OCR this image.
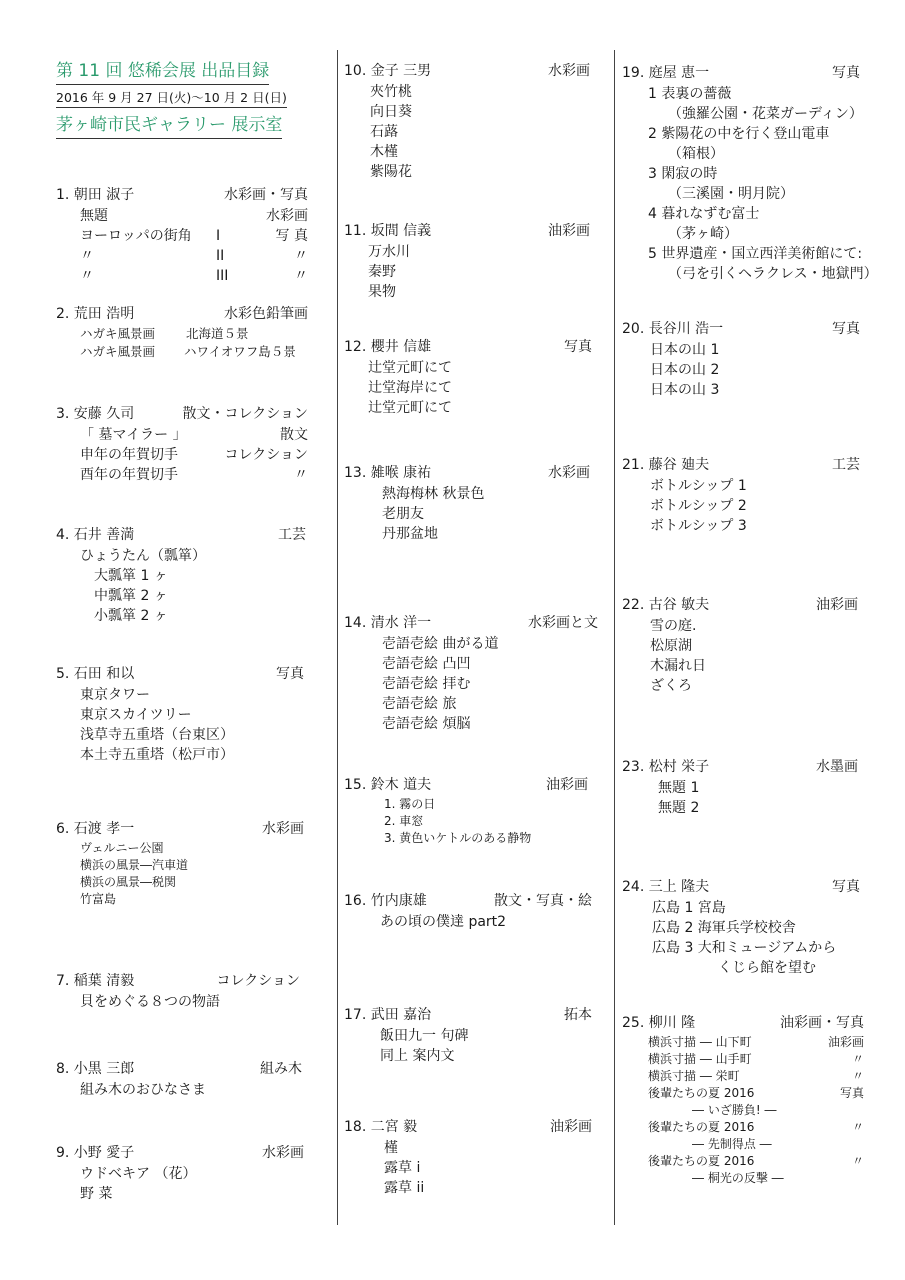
第 11 回 悠稀会展 出品目録
2016 年 9 月 27 日(火)～10 月 2 日(日)
茅ヶ崎市民ギャラリー 展示室
1. 朝田 淑子	水彩画・写真
無題	水彩画
ヨーロッパの街角 I	写 真
〃	II	〃
〃	III	〃
2. 荒田 浩明	水彩色鉛筆画
ハガキ風景画 北海道５景
ハガキ風景画 ハワイオワフ島５景
3. 安藤 久司	散文・コレクション
「 墓マイラー 」	散文
申年の年賀切手	コレクション
酉年の年賀切手	〃
4. 石井 善満	工芸
ひょうたん（瓢箪）
大瓢箪 1 ヶ
中瓢箪 2 ヶ
小瓢箪 2 ヶ
5. 石田 和以	写真
東京タワー
東京スカイツリー
浅草寺五重塔（台東区）
本土寺五重塔（松戸市）
6. 石渡 孝一	水彩画
ヴェルニー公園
横浜の風景―汽車道
横浜の風景―税関
竹富島
7. 稲葉 清毅	コレクション
貝をめぐる８つの物語
8. 小黒 三郎	組み木
組み木のおひなさま
9. 小野 愛子	水彩画
ウドベキア （花）
野 菜
10. 金子 三男	水彩画
夾竹桃
向日葵
石蕗
木槿
紫陽花
11. 坂間 信義	油彩画
万水川
秦野
果物
12. 櫻井 信雄	写真
辻堂元町にて
辻堂海岸にて
辻堂元町にて
13. 雑喉 康祐	水彩画
熱海梅林 秋景色
老朋友
丹那盆地
14. 清水 洋一	水彩画と文
壱語壱絵 曲がる道
壱語壱絵 凸凹
壱語壱絵 拝む
壱語壱絵 旅
壱語壱絵 煩脳
15. 鈴木 道夫	油彩画
1. 霧の日
2. 車窓
3. 黄色いケトルのある静物
16. 竹内康雄	散文・写真・絵
あの頃の僕達 part2
17. 武田 嘉治	拓本
飯田九一 句碑
同上 案内文
18. 二宮 毅	油彩画
槿
露草 i
露草 ii
19. 庭屋 恵一	写真
1 表裏の薔薇
（強羅公園・花菜ガーディン）
2 紫陽花の中を行く登山電車
（箱根）
3 閑寂の時
（三溪園・明月院）
4 暮れなずむ富士
（茅ヶ崎）
5 世界遺産・国立西洋美術館にて:
（弓を引くヘラクレス・地獄門）
20. 長谷川 浩一	写真
日本の山 1
日本の山 2
日本の山 3
21. 藤谷 廸夫	工芸
ボトルシップ 1
ボトルシップ 2
ボトルシップ 3
22. 古谷 敏夫	油彩画
雪の庭.
松原湖
木漏れ日
ざくろ
23. 松村 栄子	水墨画
無題 1
無題 2
24. 三上 隆夫	写真
広島 1 宮島
広島 2 海軍兵学校校舎
広島 3 大和ミュージアムから
くじら館を望む
25. 柳川 隆	油彩画・写真
横浜寸描 ― 山下町	油彩画
横浜寸描 ― 山手町	〃
横浜寸描 ― 栄町	〃
後輩たちの夏 2016	写真
― いざ勝負! ―
後輩たちの夏 2016	〃
― 先制得点 ―
後輩たちの夏 2016	〃
― 桐光の反撃 ―
